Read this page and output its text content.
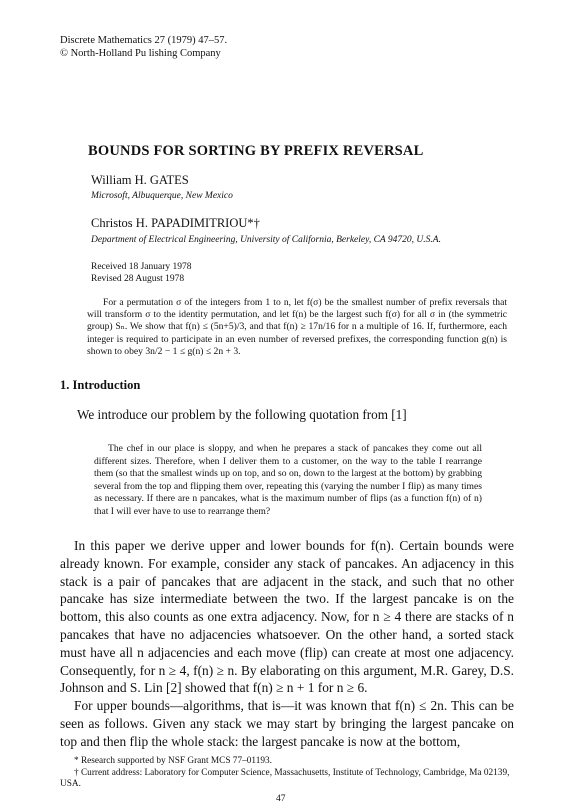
Discrete Mathematics 27 (1979) 47–57.
© North-Holland Pu lishing Company
BOUNDS FOR SORTING BY PREFIX REVERSAL
William H. GATES
Microsoft, Albuquerque, New Mexico
Christos H. PAPADIMITRIOU*†
Department of Electrical Engineering, University of California, Berkeley, CA 94720, U.S.A.
Received 18 January 1978
Revised 28 August 1978
For a permutation σ of the integers from 1 to n, let f(σ) be the smallest number of prefix reversals that will transform σ to the identity permutation, and let f(n) be the largest such f(σ) for all σ in (the symmetric group) Sₙ. We show that f(n) ≤ (5n+5)/3, and that f(n) ≥ 17n/16 for n a multiple of 16. If, furthermore, each integer is required to participate in an even number of reversed prefixes, the corresponding function g(n) is shown to obey 3n/2 − 1 ≤ g(n) ≤ 2n + 3.
1. Introduction
We introduce our problem by the following quotation from [1]
The chef in our place is sloppy, and when he prepares a stack of pancakes they come out all different sizes. Therefore, when I deliver them to a customer, on the way to the table I rearrange them (so that the smallest winds up on top, and so on, down to the largest at the bottom) by grabbing several from the top and flipping them over, repeating this (varying the number I flip) as many times as necessary. If there are n pancakes, what is the maximum number of flips (as a function f(n) of n) that I will ever have to use to rearrange them?

In this paper we derive upper and lower bounds for f(n). Certain bounds were already known. For example, consider any stack of pancakes. An adjacency in this stack is a pair of pancakes that are adjacent in the stack, and such that no other pancake has size intermediate between the two. If the largest pancake is on the bottom, this also counts as one extra adjacency. Now, for n ≥ 4 there are stacks of n pancakes that have no adjacencies whatsoever. On the other hand, a sorted stack must have all n adjacencies and each move (flip) can create at most one adjacency. Consequently, for n ≥ 4, f(n) ≥ n. By elaborating on this argument, M.R. Garey, D.S. Johnson and S. Lin [2] showed that f(n) ≥ n + 1 for n ≥ 6.

For upper bounds—algorithms, that is—it was known that f(n) ≤ 2n. This can be seen as follows. Given any stack we may start by bringing the largest pancake on top and then flip the whole stack: the largest pancake is now at the bottom,

* Research supported by NSF Grant MCS 77–01193.
† Current address: Laboratory for Computer Science, Massachusetts, Institute of Technology, Cambridge, Ma 02139, USA.
47
